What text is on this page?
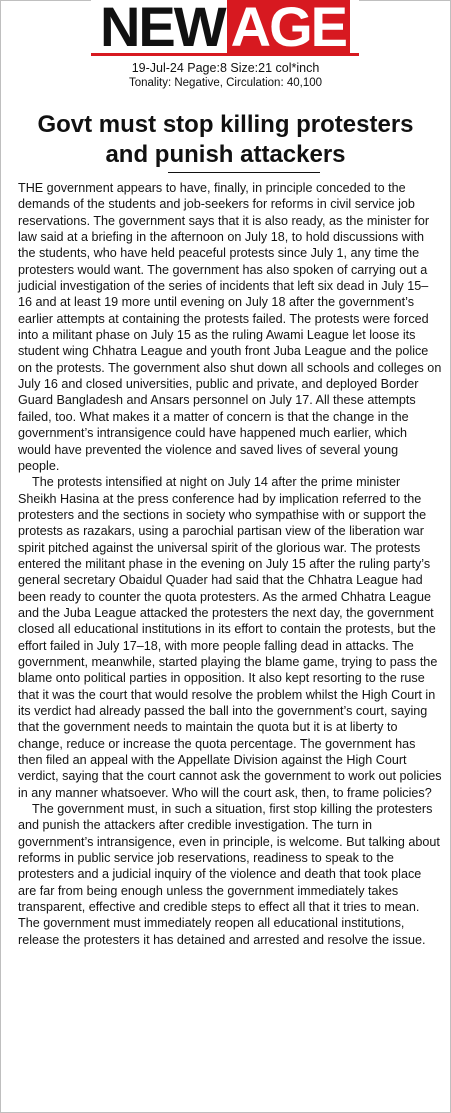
NEW AGE
19-Jul-24 Page:8 Size:21 col*inch
Tonality: Negative, Circulation: 40,100
Govt must stop killing protesters
and punish attackers

THE government appears to have, finally, in principle conceded to the demands of the students and job-seekers for reforms in civil service job reservations. The government says that it is also ready, as the minister for law said at a briefing in the afternoon on July 18, to hold discussions with the students, who have held peaceful protests since July 1, any time the protesters would want. The government has also spoken of carrying out a judicial investigation of the series of incidents that left six dead in July 15–16 and at least 19 more until evening on July 18 after the government’s earlier attempts at containing the protests failed. The protests were forced into a militant phase on July 15 as the ruling Awami League let loose its student wing Chhatra League and youth front Juba League and the police on the protests. The government also shut down all schools and colleges on July 16 and closed universities, public and private, and deployed Border Guard Bangladesh and Ansars personnel on July 17. All these attempts failed, too. What makes it a matter of concern is that the change in the government’s intransigence could have happened much earlier, which would have prevented the violence and saved lives of several young people.

The protests intensified at night on July 14 after the prime minister Sheikh Hasina at the press conference had by implication referred to the protesters and the sections in society who sympathise with or support the protests as razakars, using a parochial partisan view of the liberation war spirit pitched against the universal spirit of the glorious war. The protests entered the militant phase in the evening on July 15 after the ruling party’s general secretary Obaidul Quader had said that the Chhatra League had been ready to counter the quota protesters. As the armed Chhatra League and the Juba League attacked the protesters the next day, the government closed all educational institutions in its effort to contain the protests, but the effort failed in July 17–18, with more people falling dead in attacks. The government, meanwhile, started playing the blame game, trying to pass the blame onto political parties in opposition. It also kept resorting to the ruse that it was the court that would resolve the problem whilst the High Court in its verdict had already passed the ball into the government’s court, saying that the government needs to maintain the quota but it is at liberty to change, reduce or increase the quota percentage. The government has then filed an appeal with the Appellate Division against the High Court verdict, saying that the court cannot ask the government to work out policies in any manner whatsoever. Who will the court ask, then, to frame policies?

The government must, in such a situation, first stop killing the protesters and punish the attackers after credible investigation. The turn in government’s intransigence, even in principle, is welcome. But talking about reforms in public service job reservations, readiness to speak to the protesters and a judicial inquiry of the violence and death that took place are far from being enough unless the government immediately takes transparent, effective and credible steps to effect all that it tries to mean. The government must immediately reopen all educational institutions, release the protesters it has detained and arrested and resolve the issue.
